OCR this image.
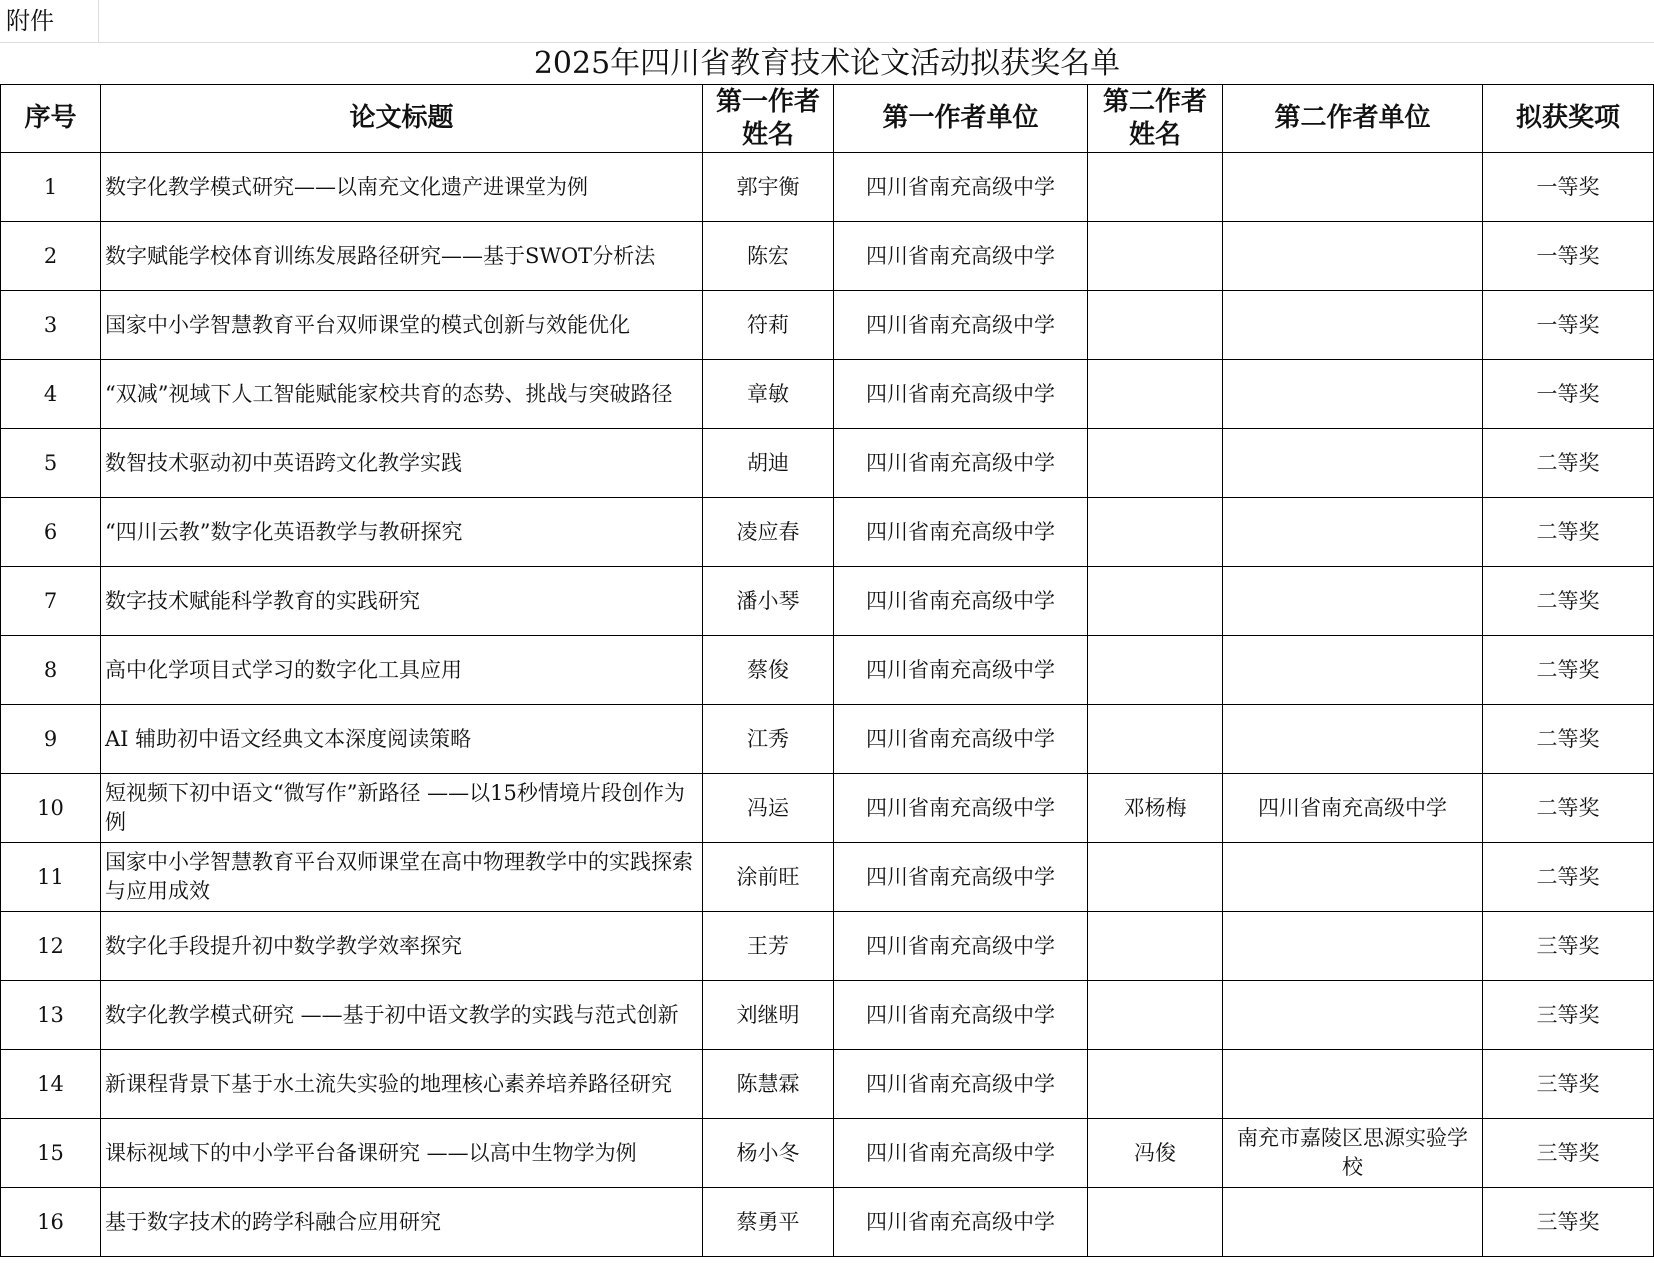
附件
2025年四川省教育技术论文活动拟获奖名单
序号	论文标题	第一作者姓名	第一作者单位	第二作者姓名	第二作者单位	拟获奖项
1	数字化教学模式研究——以南充文化遗产进课堂为例	郭宇衡	四川省南充高级中学			一等奖
2	数字赋能学校体育训练发展路径研究——基于SWOT分析法	陈宏	四川省南充高级中学			一等奖
3	国家中小学智慧教育平台双师课堂的模式创新与效能优化	符莉	四川省南充高级中学			一等奖
4	“双减”视域下人工智能赋能家校共育的态势、挑战与突破路径	章敏	四川省南充高级中学			一等奖
5	数智技术驱动初中英语跨文化教学实践	胡迪	四川省南充高级中学			二等奖
6	“四川云教”数字化英语教学与教研探究	凌应春	四川省南充高级中学			二等奖
7	数字技术赋能科学教育的实践研究	潘小琴	四川省南充高级中学			二等奖
8	高中化学项目式学习的数字化工具应用	蔡俊	四川省南充高级中学			二等奖
9	AI 辅助初中语文经典文本深度阅读策略	江秀	四川省南充高级中学			二等奖
10	短视频下初中语文“微写作”新路径 ——以15秒情境片段创作为例	冯运	四川省南充高级中学	邓杨梅	四川省南充高级中学	二等奖
11	国家中小学智慧教育平台双师课堂在高中物理教学中的实践探索与应用成效	涂前旺	四川省南充高级中学			二等奖
12	数字化手段提升初中数学教学效率探究	王芳	四川省南充高级中学			三等奖
13	数字化教学模式研究 ——基于初中语文教学的实践与范式创新	刘继明	四川省南充高级中学			三等奖
14	新课程背景下基于水土流失实验的地理核心素养培养路径研究	陈慧霖	四川省南充高级中学			三等奖
15	课标视域下的中小学平台备课研究 ——以高中生物学为例	杨小冬	四川省南充高级中学	冯俊	南充市嘉陵区思源实验学校	三等奖
16	基于数字技术的跨学科融合应用研究	蔡勇平	四川省南充高级中学			三等奖
